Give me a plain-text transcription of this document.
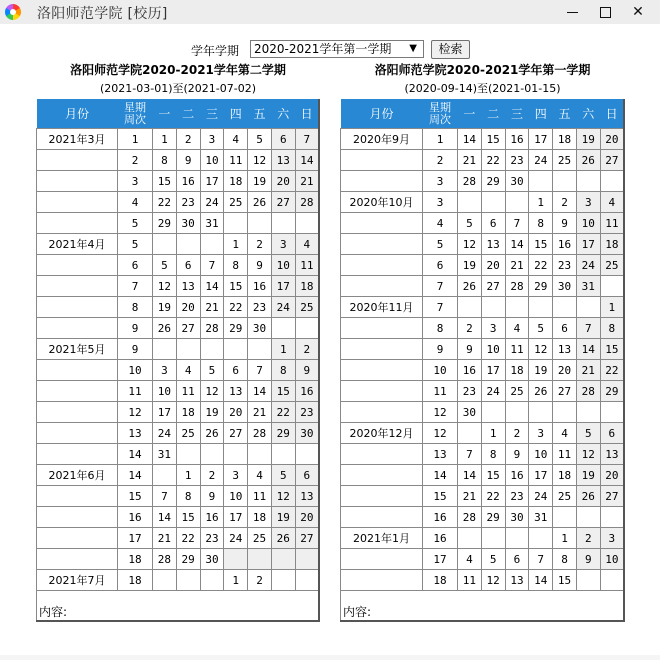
洛阳师范学院 [校历]	✕
学年学期	2020-2021学年第一学期 ▼	检索
洛阳师范学院2020-2021学年第二学期
(2021-03-01)至(2021-07-02)
月份	星期
周次	一	二	三	四	五	六	日
2021年3月	1	1	2	3	4	5	6	7
	2	8	9	10	11	12	13	14
	3	15	16	17	18	19	20	21
	4	22	23	24	25	26	27	28
	5	29	30	31				
2021年4月	5				1	2	3	4
	6	5	6	7	8	9	10	11
	7	12	13	14	15	16	17	18
	8	19	20	21	22	23	24	25
	9	26	27	28	29	30		
2021年5月	9						1	2
	10	3	4	5	6	7	8	9
	11	10	11	12	13	14	15	16
	12	17	18	19	20	21	22	23
	13	24	25	26	27	28	29	30
	14	31						
2021年6月	14		1	2	3	4	5	6
	15	7	8	9	10	11	12	13
	16	14	15	16	17	18	19	20
	17	21	22	23	24	25	26	27
	18	28	29	30				
2021年7月	18				1	2		
内容:								
洛阳师范学院2020-2021学年第一学期
(2020-09-14)至(2021-01-15)
月份	星期
周次	一	二	三	四	五	六	日
2020年9月	1	14	15	16	17	18	19	20
	2	21	22	23	24	25	26	27
	3	28	29	30				
2020年10月	3				1	2	3	4
	4	5	6	7	8	9	10	11
	5	12	13	14	15	16	17	18
	6	19	20	21	22	23	24	25
	7	26	27	28	29	30	31	
2020年11月	7							1
	8	2	3	4	5	6	7	8
	9	9	10	11	12	13	14	15
	10	16	17	18	19	20	21	22
	11	23	24	25	26	27	28	29
	12	30						
2020年12月	12		1	2	3	4	5	6
	13	7	8	9	10	11	12	13
	14	14	15	16	17	18	19	20
	15	21	22	23	24	25	26	27
	16	28	29	30	31			
2021年1月	16					1	2	3
	17	4	5	6	7	8	9	10
	18	11	12	13	14	15		
内容:								
